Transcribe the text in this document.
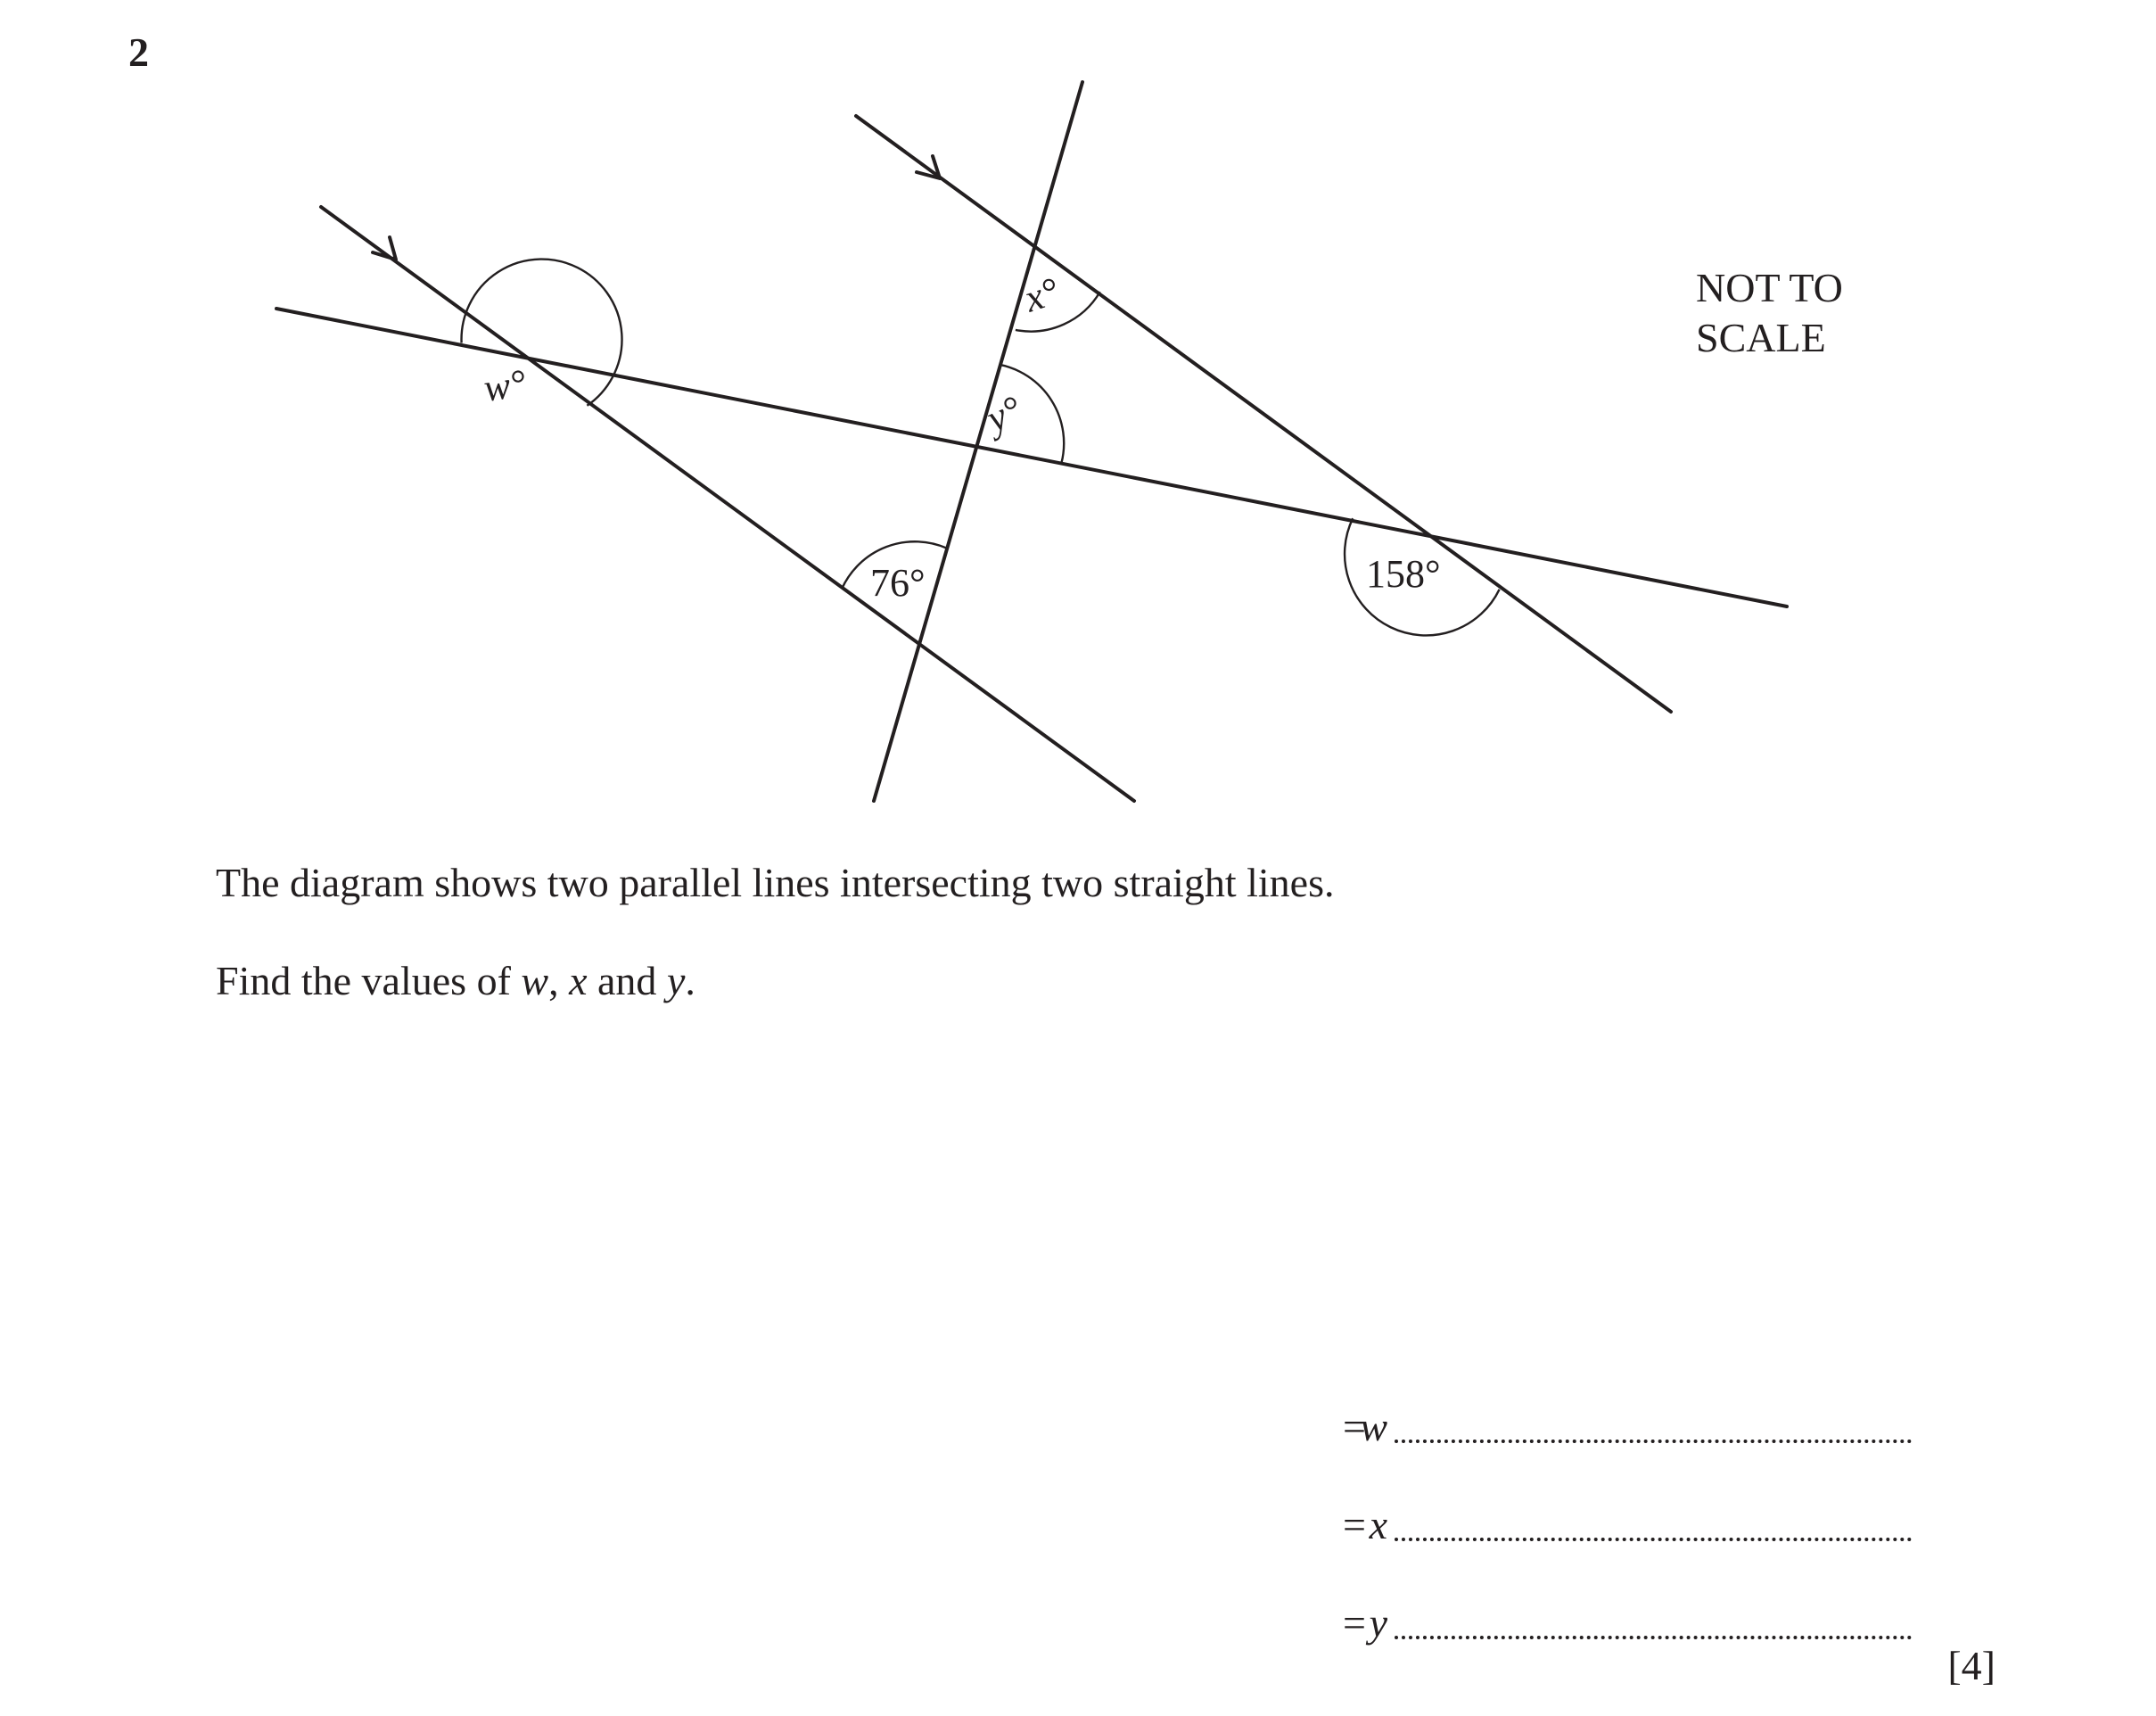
2
w°
x°
y°
76°	158°
NOT TO
SCALE
The diagram shows two parallel lines intersecting two straight lines.
Find the values of w, x and y.
w
=
x
=
y
=
[4]
